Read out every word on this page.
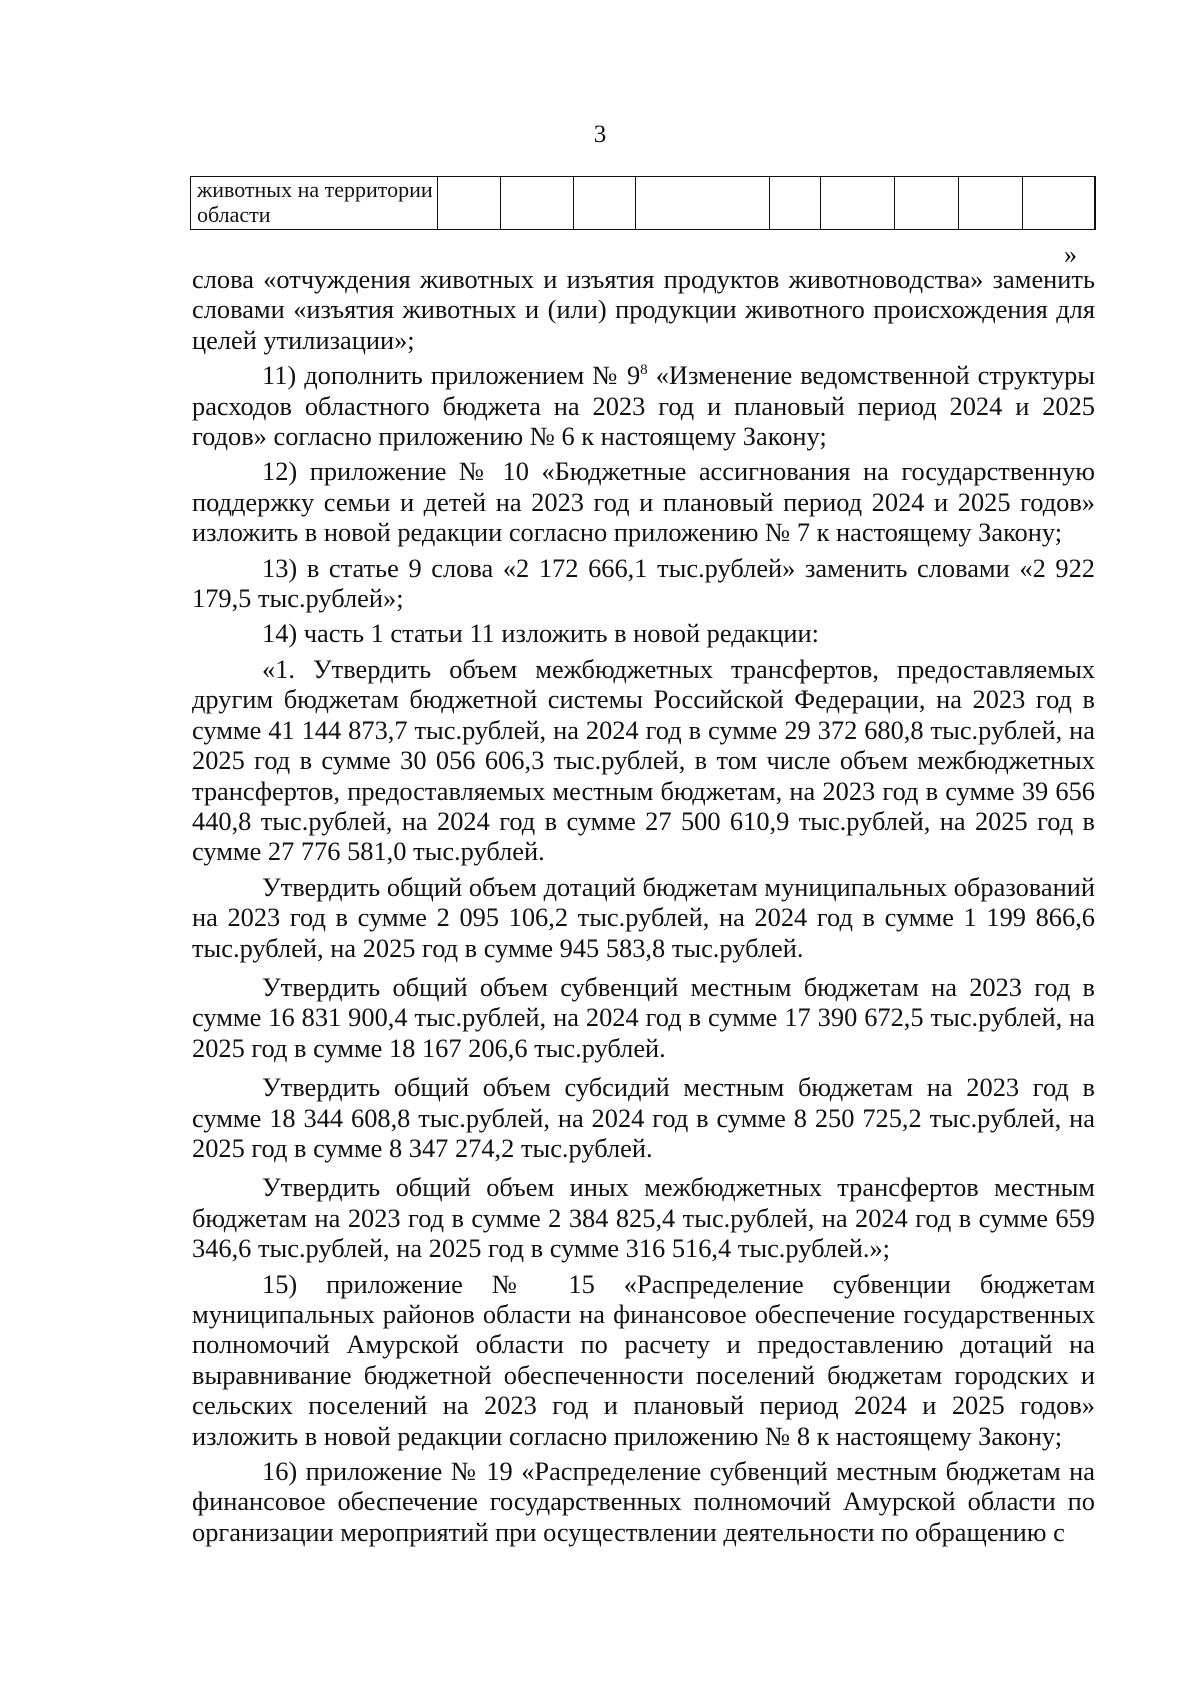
3
животных на территории области										
»

слова «отчуждения животных и изъятия продуктов животноводства» заменить словами «изъятия животных и (или) продукции животного происхождения для целей утилизации»;

11) дополнить приложением № $9^8$ «Изменение ведомственной структуры расходов областного бюджета на 2023 год и плановый период 2024 и 2025 годов» согласно приложению № 6 к настоящему Закону;

12) приложение № 10 «Бюджетные ассигнования на государственную поддержку семьи и детей на 2023 год и плановый период 2024 и 2025 годов» изложить в новой редакции согласно приложению № 7 к настоящему Закону;

13) в статье 9 слова «2 172 666,1 тыс.рублей» заменить словами «2 922 179,5 тыс.рублей»;

14) часть 1 статьи 11 изложить в новой редакции:

«1. Утвердить объем межбюджетных трансфертов, предоставляемых другим бюджетам бюджетной системы Российской Федерации, на 2023 год в сумме 41 144 873,7 тыс.рублей, на 2024 год в сумме 29 372 680,8 тыс.рублей, на 2025 год в сумме 30 056 606,3 тыс.рублей, в том числе объем межбюджетных трансфертов, предоставляемых местным бюджетам, на 2023 год в сумме 39 656 440,8 тыс.рублей, на 2024 год в сумме 27 500 610,9 тыс.рублей, на 2025 год в сумме 27 776 581,0 тыс.рублей.

Утвердить общий объем дотаций бюджетам муниципальных образований на 2023 год в сумме 2 095 106,2 тыс.рублей, на 2024 год в сумме 1 199 866,6 тыс.рублей, на 2025 год в сумме 945 583,8 тыс.рублей.

Утвердить общий объем субвенций местным бюджетам на 2023 год в сумме 16 831 900,4 тыс.рублей, на 2024 год в сумме 17 390 672,5 тыс.рублей, на 2025 год в сумме 18 167 206,6 тыс.рублей.

Утвердить общий объем субсидий местным бюджетам на 2023 год в сумме 18 344 608,8 тыс.рублей, на 2024 год в сумме 8 250 725,2 тыс.рублей, на 2025 год в сумме 8 347 274,2 тыс.рублей.

Утвердить общий объем иных межбюджетных трансфертов местным бюджетам на 2023 год в сумме 2 384 825,4 тыс.рублей, на 2024 год в сумме 659 346,6 тыс.рублей, на 2025 год в сумме 316 516,4 тыс.рублей.»;

15) приложение № 15 «Распределение субвенции бюджетам муниципальных районов области на финансовое обеспечение государственных полномочий Амурской области по расчету и предоставлению дотаций на выравнивание бюджетной обеспеченности поселений бюджетам городских и сельских поселений на 2023 год и плановый период 2024 и 2025 годов» изложить в новой редакции согласно приложению № 8 к настоящему Закону;

16) приложение № 19 «Распределение субвенций местным бюджетам на финансовое обеспечение государственных полномочий Амурской области по организации мероприятий при осуществлении деятельности по обращению с
